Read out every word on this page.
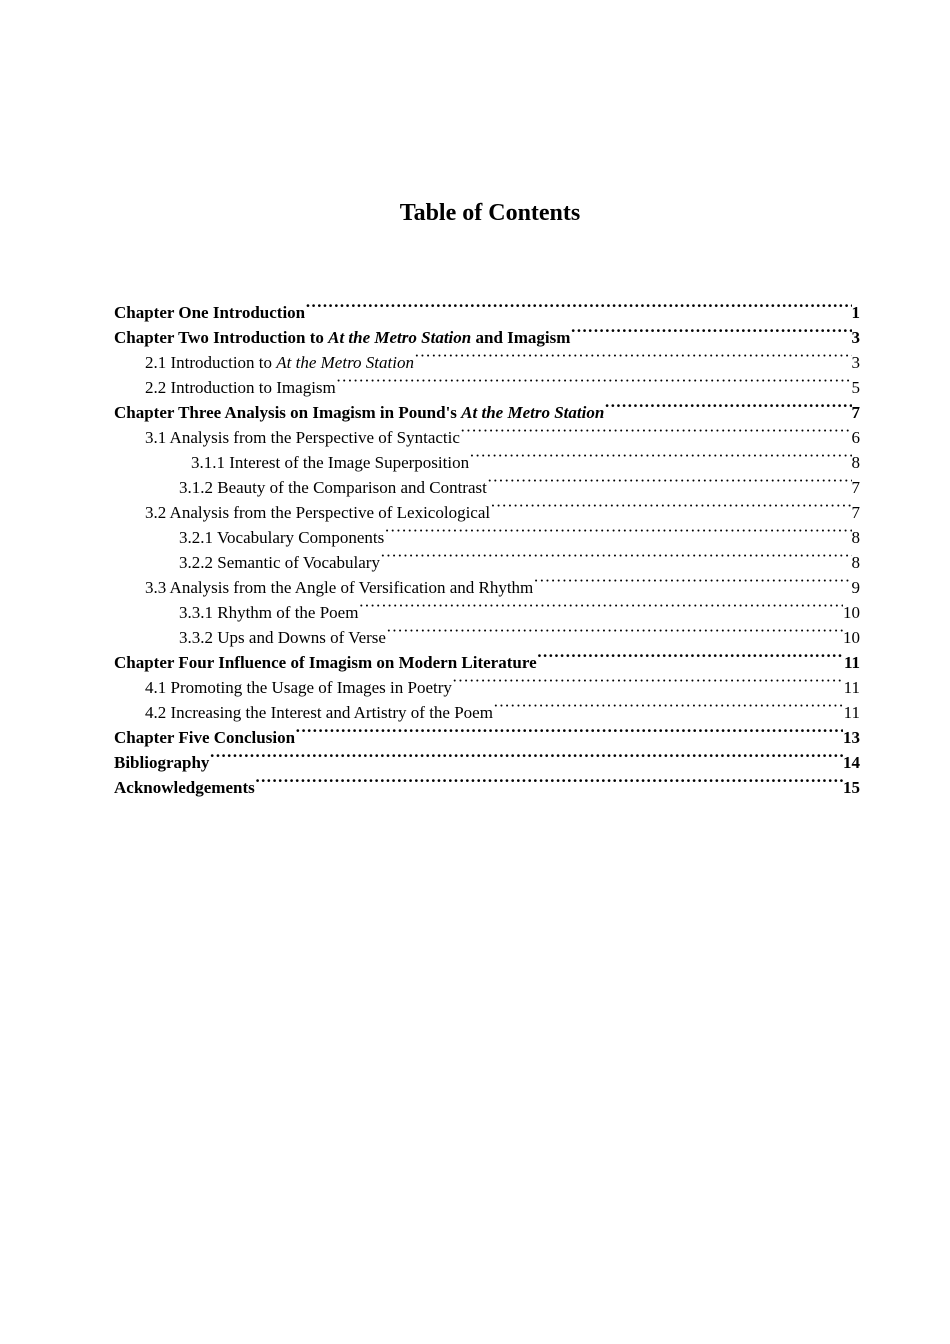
Table of Contents
Chapter One Introduction ·····	1
Chapter Two Introduction to At the Metro Station and Imagism ·····	3
2.1 Introduction to At the Metro Station ·····	3
2.2 Introduction to Imagism ·····	5
Chapter Three Analysis on Imagism in Pound's At the Metro Station ·····	7
3.1 Analysis from the Perspective of Syntactic ·····	6
3.1.1 Interest of the Image Superposition ·····	8
3.1.2 Beauty of the Comparison and Contrast ·····	7
3.2 Analysis from the Perspective of Lexicological ·····	7
3.2.1 Vocabulary Components ·····	8
3.2.2 Semantic of Vocabulary ·····	8
3.3 Analysis from the Angle of Versification and Rhythm ·····	9
3.3.1 Rhythm of the Poem ·····	10
3.3.2 Ups and Downs of Verse ·····	10
Chapter Four Influence of Imagism on Modern Literature ·····	11
4.1 Promoting the Usage of Images in Poetry ·····	11
4.2 Increasing the Interest and Artistry of the Poem ·····	11
Chapter Five Conclusion ·····	13
Bibliography ·····	14
Acknowledgements ·····	15
